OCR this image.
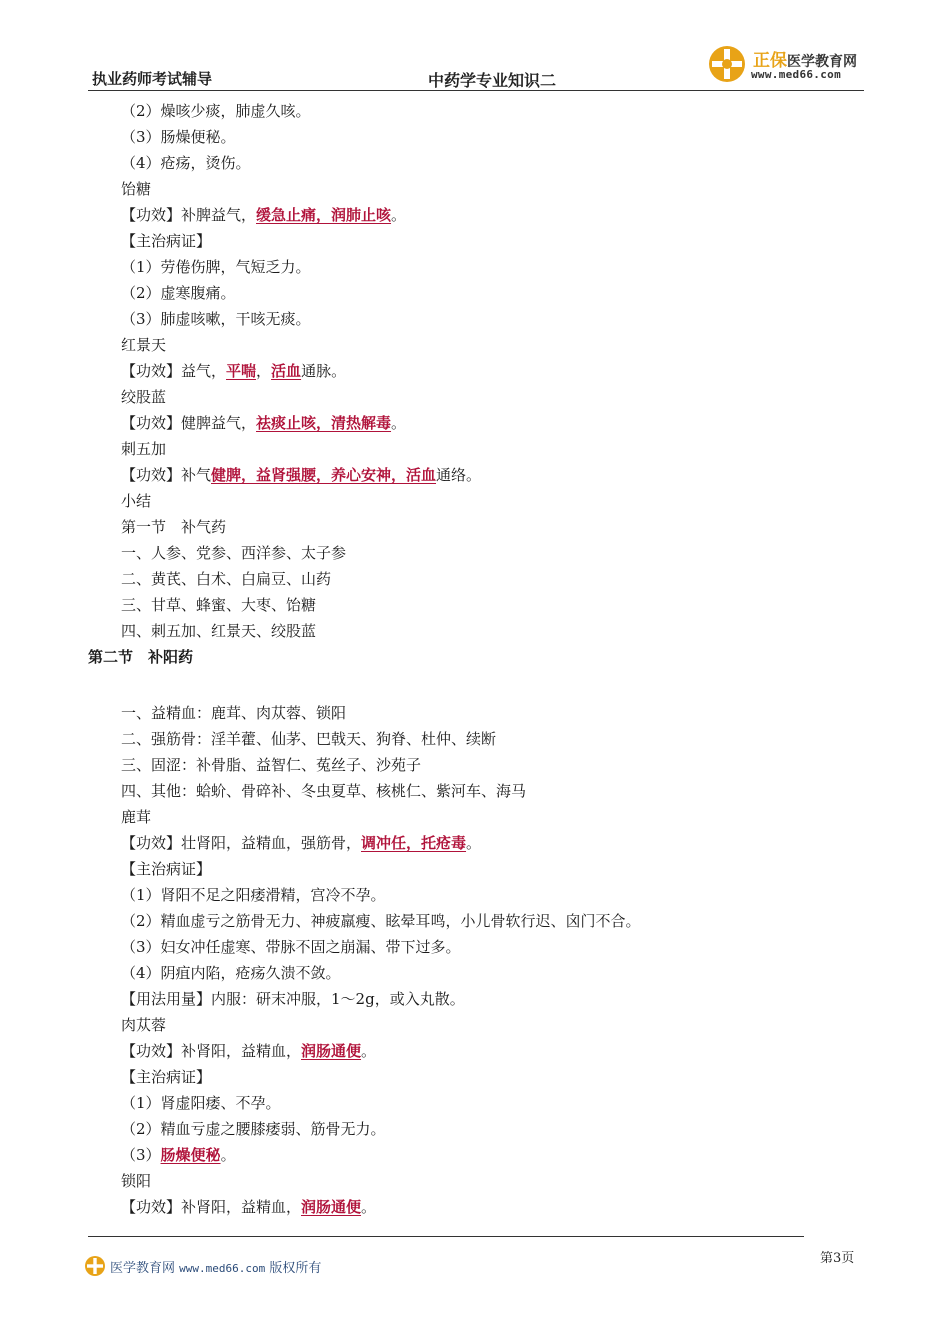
执业药师考试辅导	中药学专业知识二
正保医学教育网
www.med66.com
（2）燥咳少痰，肺虚久咳。
（3）肠燥便秘。
（4）疮疡，烫伤。
饴糖
【功效】补脾益气，缓急止痛，润肺止咳。
【主治病证】
（1）劳倦伤脾，气短乏力。
（2）虚寒腹痛。
（3）肺虚咳嗽，干咳无痰。
红景天
【功效】益气，平喘，活血通脉。
绞股蓝
【功效】健脾益气，祛痰止咳，清热解毒。
刺五加
【功效】补气健脾，益肾强腰，养心安神，活血通络。
小结
第一节　补气药
一、人参、党参、西洋参、太子参
二、黄芪、白术、白扁豆、山药
三、甘草、蜂蜜、大枣、饴糖
四、刺五加、红景天、绞股蓝
第二节　补阳药
一、益精血：鹿茸、肉苁蓉、锁阳
二、强筋骨：淫羊藿、仙茅、巴戟天、狗脊、杜仲、续断
三、固涩：补骨脂、益智仁、菟丝子、沙苑子
四、其他：蛤蚧、骨碎补、冬虫夏草、核桃仁、紫河车、海马
鹿茸
【功效】壮肾阳，益精血，强筋骨，调冲任，托疮毒。
【主治病证】
（1）肾阳不足之阳痿滑精，宫冷不孕。
（2）精血虚亏之筋骨无力、神疲羸瘦、眩晕耳鸣，小儿骨软行迟、囟门不合。
（3）妇女冲任虚寒、带脉不固之崩漏、带下过多。
（4）阴疽内陷，疮疡久溃不敛。
【用法用量】内服：研末冲服，1～2g，或入丸散。
肉苁蓉
【功效】补肾阳，益精血，润肠通便。
【主治病证】
（1）肾虚阳痿、不孕。
（2）精血亏虚之腰膝痿弱、筋骨无力。
（3）肠燥便秘。
锁阳
【功效】补肾阳，益精血，润肠通便。
医学教育网 www.med66.com 版权所有
第3页
